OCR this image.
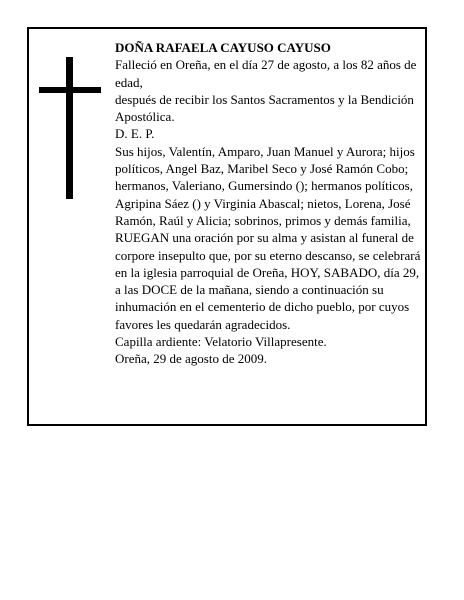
DOÑA RAFAELA CAYUSO CAYUSO

Falleció en Oreña, en el día 27 de agosto, a los 82 años de edad,

después de recibir los Santos Sacramentos y la Bendición Apostólica.

D. E. P.

Sus hijos, Valentín, Amparo, Juan Manuel y Aurora; hijos políticos, Angel Baz, Maribel Seco y José Ramón Cobo; hermanos, Valeriano, Gumersindo (); hermanos políticos, Agripina Sáez () y Virginia Abascal; nietos, Lorena, José Ramón, Raúl y Alicia; sobrinos, primos y demás familia,

RUEGAN una oración por su alma y asistan al funeral de corpore insepulto que, por su eterno descanso, se celebrará en la iglesia parroquial de Oreña, HOY, SABADO, día 29, a las DOCE de la mañana, siendo a continuación su inhumación en el cementerio de dicho pueblo, por cuyos favores les quedarán agradecidos.

Capilla ardiente: Velatorio Villapresente.

Oreña, 29 de agosto de 2009.
